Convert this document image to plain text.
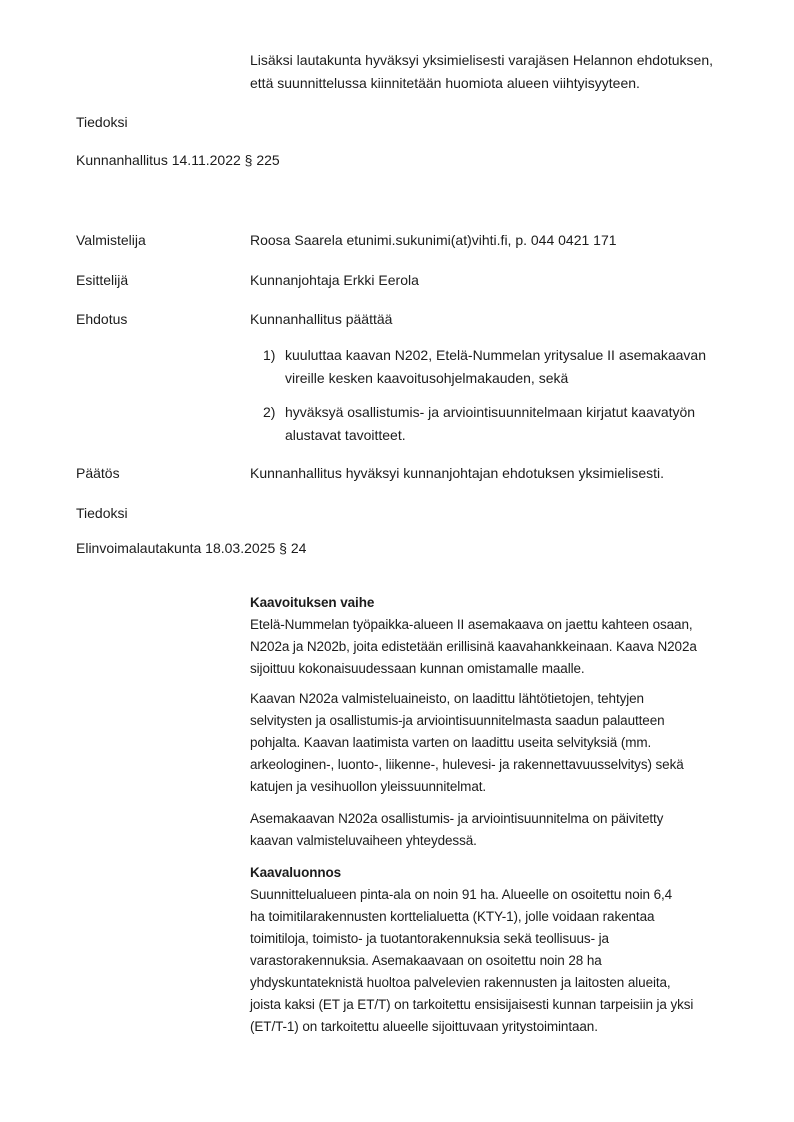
Lisäksi lautakunta hyväksyi yksimielisesti varajäsen Helannon ehdotuksen,
että suunnittelussa kiinnitetään huomiota alueen viihtyisyyteen.
Tiedoksi
Kunnanhallitus 14.11.2022 § 225
Valmistelija	Roosa Saarela etunimi.sukunimi(at)vihti.fi, p. 044 0421 171
Esittelijä	Kunnanjohtaja Erkki Eerola
Ehdotus	Kunnanhallitus päättää
1) kuuluttaa kaavan N202, Etelä-Nummelan yritysalue II asemakaavan
vireille kesken kaavoitusohjelmakauden, sekä
2) hyväksyä osallistumis- ja arviointisuunnitelmaan kirjatut kaavatyön
alustavat tavoitteet.
Päätös	Kunnanhallitus hyväksyi kunnanjohtajan ehdotuksen yksimielisesti.
Tiedoksi
Elinvoimalautakunta 18.03.2025 § 24
Kaavoituksen vaihe
Etelä-Nummelan työpaikka-alueen II asemakaava on jaettu kahteen osaan,
N202a ja N202b, joita edistetään erillisinä kaavahankkeinaan. Kaava N202a
sijoittuu kokonaisuudessaan kunnan omistamalle maalle.
Kaavan N202a valmisteluaineisto, on laadittu lähtötietojen, tehtyjen
selvitysten ja osallistumis-ja arviointisuunnitelmasta saadun palautteen
pohjalta. Kaavan laatimista varten on laadittu useita selvityksiä (mm.
arkeologinen-, luonto-, liikenne-, hulevesi- ja rakennettavuusselvitys) sekä
katujen ja vesihuollon yleissuunnitelmat.
Asemakaavan N202a osallistumis- ja arviointisuunnitelma on päivitetty
kaavan valmisteluvaiheen yhteydessä.
Kaavaluonnos
Suunnittelualueen pinta-ala on noin 91 ha. Alueelle on osoitettu noin 6,4
ha toimitilarakennusten korttelialuetta (KTY-1), jolle voidaan rakentaa
toimitiloja, toimisto- ja tuotantorakennuksia sekä teollisuus- ja
varastorakennuksia. Asemakaavaan on osoitettu noin 28 ha
yhdyskuntateknistä huoltoa palvelevien rakennusten ja laitosten alueita,
joista kaksi (ET ja ET/T) on tarkoitettu ensisijaisesti kunnan tarpeisiin ja yksi
(ET/T-1) on tarkoitettu alueelle sijoittuvaan yritystoimintaan.
